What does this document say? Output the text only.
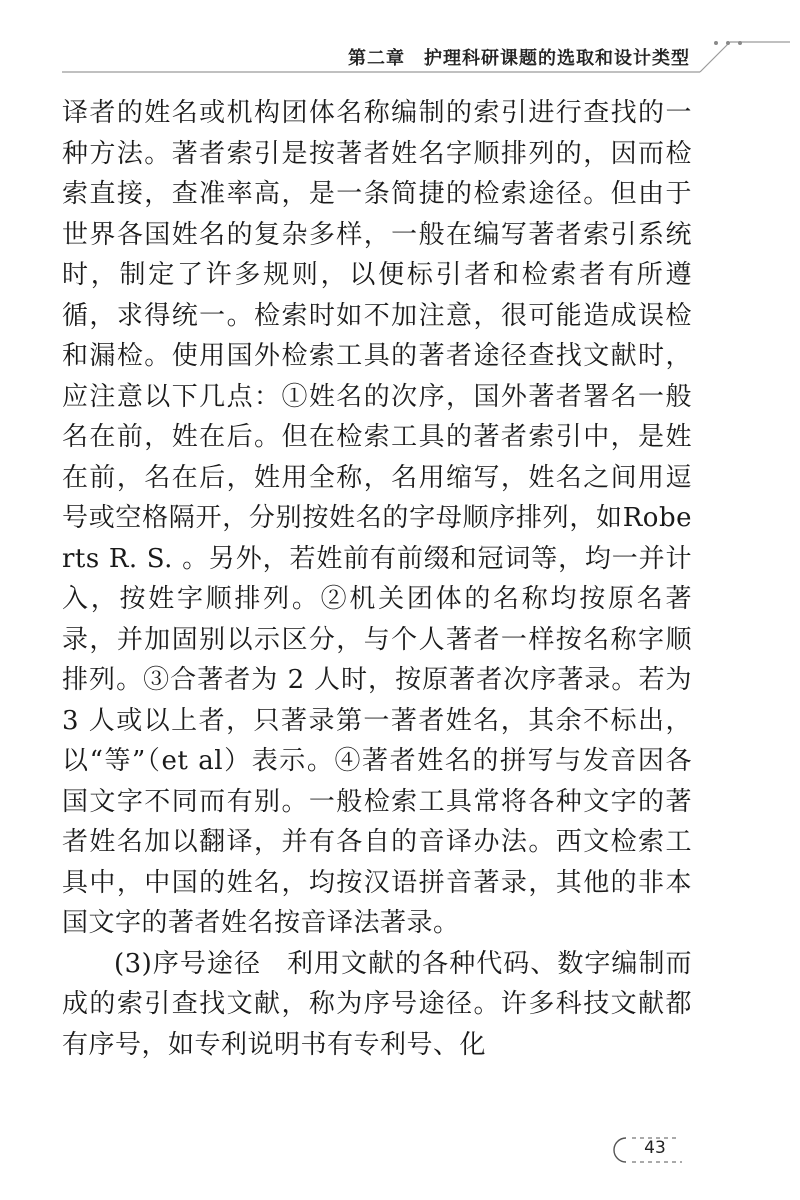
第二章　护理科研课题的选取和设计类型

译者的姓名或机构团体名称编制的索引进行查找的一种方法。著者索引是按著者姓名字顺排列的，因而检索直接，查准率高，是一条简捷的检索途径。但由于世界各国姓名的复杂多样，一般在编写著者索引系统时，制定了许多规则，以便标引者和检索者有所遵循，求得统一。检索时如不加注意，很可能造成误检和漏检。使用国外检索工具的著者途径查找文献时，应注意以下几点：①姓名的次序，国外著者署名一般名在前，姓在后。但在检索工具的著者索引中，是姓在前，名在后，姓用全称，名用缩写，姓名之间用逗号或空格隔开，分别按姓名的字母顺序排列，如Roberts R. S. 。另外，若姓前有前缀和冠词等，均一并计入，按姓字顺排列。②机关团体的名称均按原名著录，并加固别以示区分，与个人著者一样按名称字顺排列。③合著者为 2 人时，按原著者次序著录。若为 3 人或以上者，只著录第一著者姓名，其余不标出，以“等”（et al）表示。④著者姓名的拼写与发音因各国文字不同而有别。一般检索工具常将各种文字的著者姓名加以翻译，并有各自的音译办法。西文检索工具中，中国的姓名，均按汉语拼音著录，其他的非本国文字的著者姓名按音译法著录。

(3)序号途径 利用文献的各种代码、数字编制而成的索引查找文献，称为序号途径。许多科技文献都有序号，如专利说明书有专利号、化

43
